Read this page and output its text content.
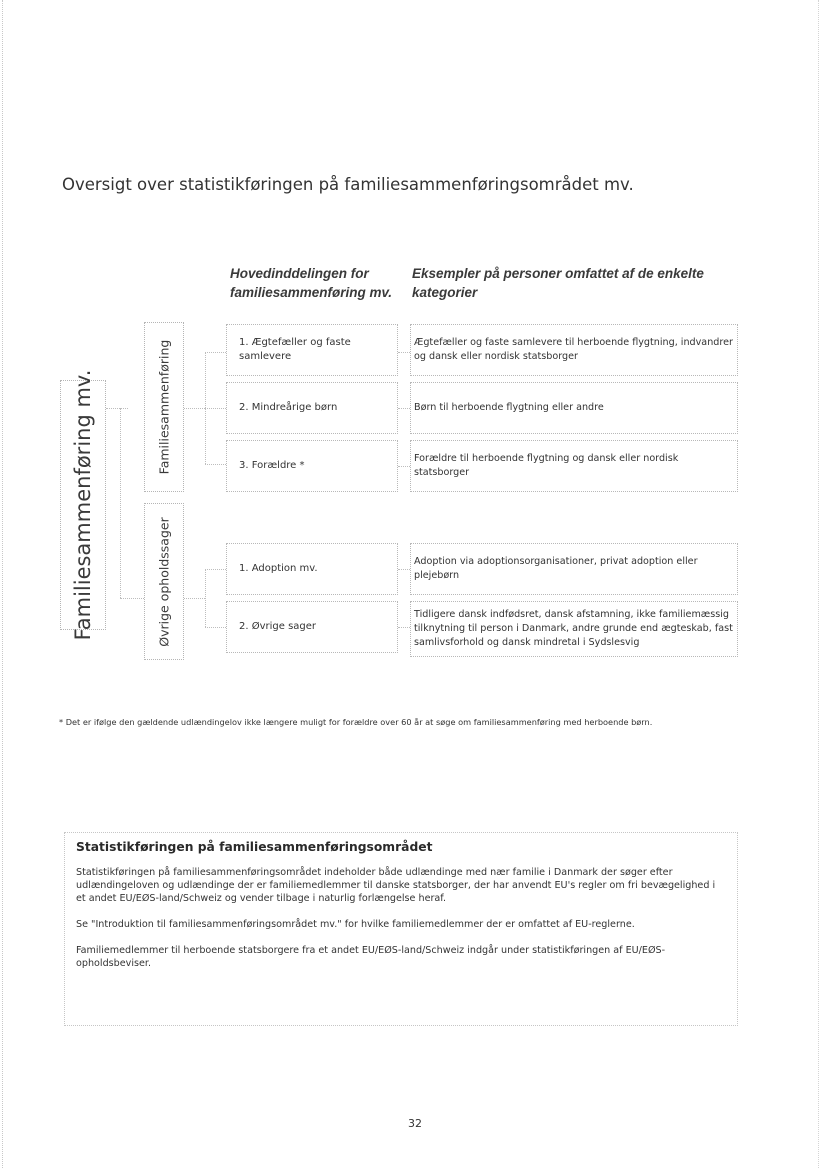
Oversigt over statistikføringen på familiesammenføringsområdet mv.
Hovedinddelingen for
familiesammenføring mv.
Eksempler på personer omfattet af de enkelte
kategorier
Familiesammenføring mv.	Familiesammenføring
Øvrige opholdssager
1. Ægtefæller og faste samlevere
2. Mindreårige børn
3. Forældre *
1. Adoption mv.
2. Øvrige sager
Ægtefæller og faste samlevere til herboende flygtning, indvandrer og dansk eller nordisk statsborger
Børn til herboende flygtning eller andre
Forældre til herboende flygtning og dansk eller nordisk statsborger
Adoption via adoptionsorganisationer, privat adoption eller plejebørn
Tidligere dansk indfødsret, dansk afstamning, ikke familiemæssig tilknytning til person i Danmark, andre grunde end ægteskab, fast samlivsforhold og dansk mindretal i Sydslesvig
* Det er ifølge den gældende udlændingelov ikke længere muligt for forældre over 60 år at søge om familiesammenføring med herboende børn.
Statistikføringen på familiesammenføringsområdet

Statistikføringen på familiesammenføringsområdet indeholder både udlændinge med nær familie i Danmark der søger efter udlændingeloven og udlændinge der er familiemedlemmer til danske statsborger, der har anvendt EU's regler om fri bevægelighed i et andet EU/EØS-land/Schweiz og vender tilbage i naturlig forlængelse heraf.

Se "Introduktion til familiesammenføringsområdet mv." for hvilke familiemedlemmer der er omfattet af EU-reglerne.

Familiemedlemmer til herboende statsborgere fra et andet EU/EØS-land/Schweiz indgår under statistikføringen af EU/EØS-opholdsbeviser.

32
